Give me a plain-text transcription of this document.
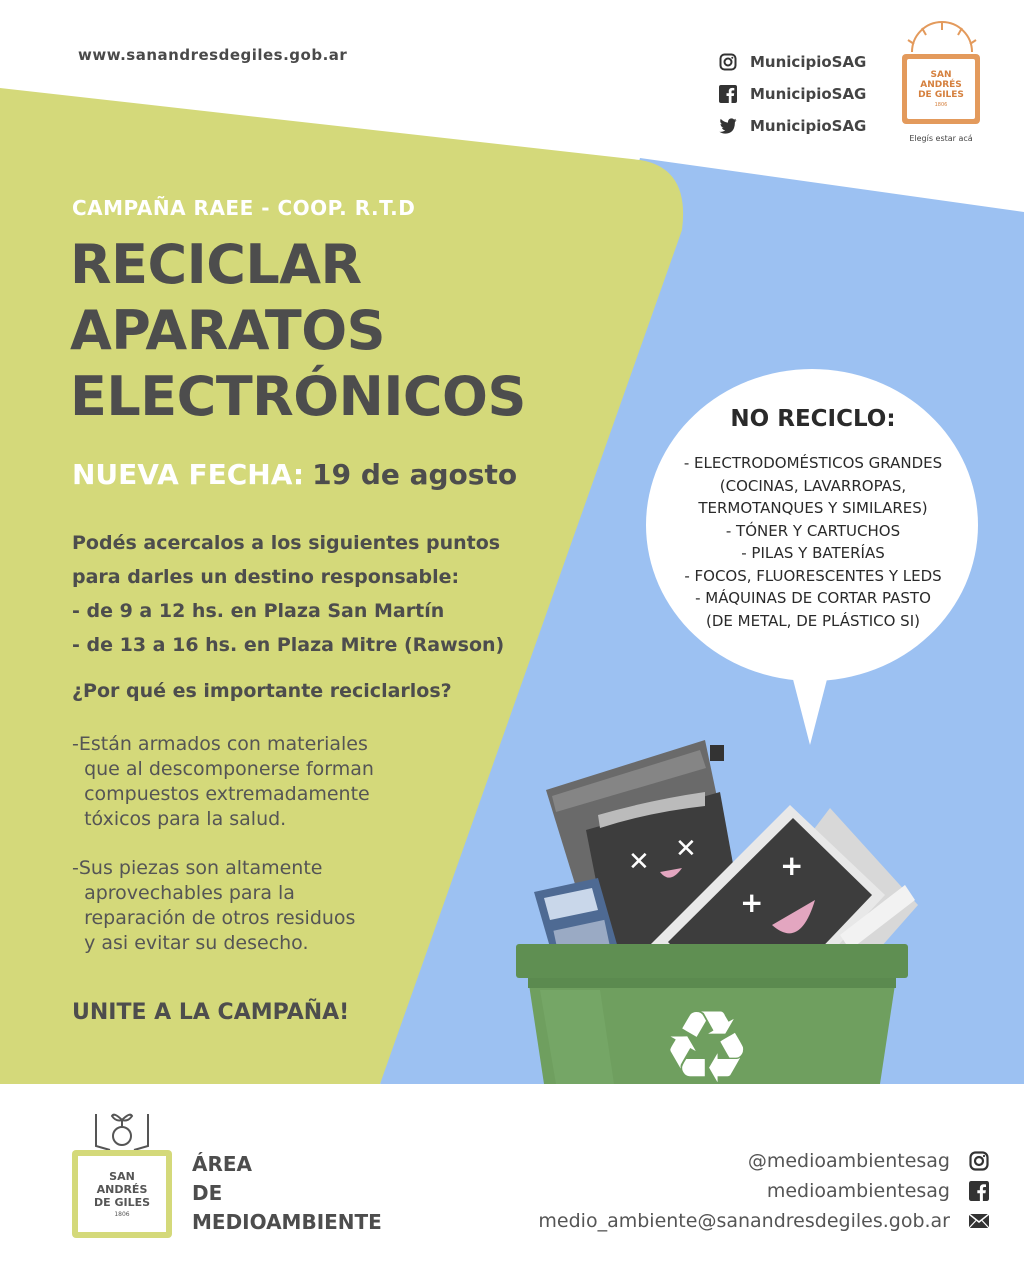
✕ ✕	+
+
♻
www.sanandresdegiles.gob.ar	MunicipioSAG
MunicipioSAG
MunicipioSAG
SAN
ANDRÉS
DE GILES
1806
Elegís estar acá
CAMPAÑA RAEE - COOP. R.T.D
RECICLAR
APARATOS
ELECTRÓNICOS
NUEVA FECHA: 19 de agosto
Podés acercalos a los siguientes puntos
para darles un destino responsable:
- de 9 a 12 hs. en Plaza San Martín
- de 13 a 16 hs. en Plaza Mitre (Rawson)
¿Por qué es importante reciclarlos?
-Están armados con materiales
que al descomponerse forman
compuestos extremadamente
tóxicos para la salud.
-Sus piezas son altamente
aprovechables para la
reparación de otros residuos
y asi evitar su desecho.
UNITE A LA CAMPAÑA!
NO RECICLO:
- ELECTRODOMÉSTICOS GRANDES
(COCINAS, LAVARROPAS,
TERMOTANQUES Y SIMILARES)
- TÓNER Y CARTUCHOS
- PILAS Y BATERÍAS
- FOCOS, FLUORESCENTES Y LEDS
- MÁQUINAS DE CORTAR PASTO
(DE METAL, DE PLÁSTICO SI)
SAN
ANDRÉS
DE GILES
1806
ÁREA
DE
MEDIOAMBIENTE
@medioambientesag
medioambientesag
medio_ambiente@sanandresdegiles.gob.ar
